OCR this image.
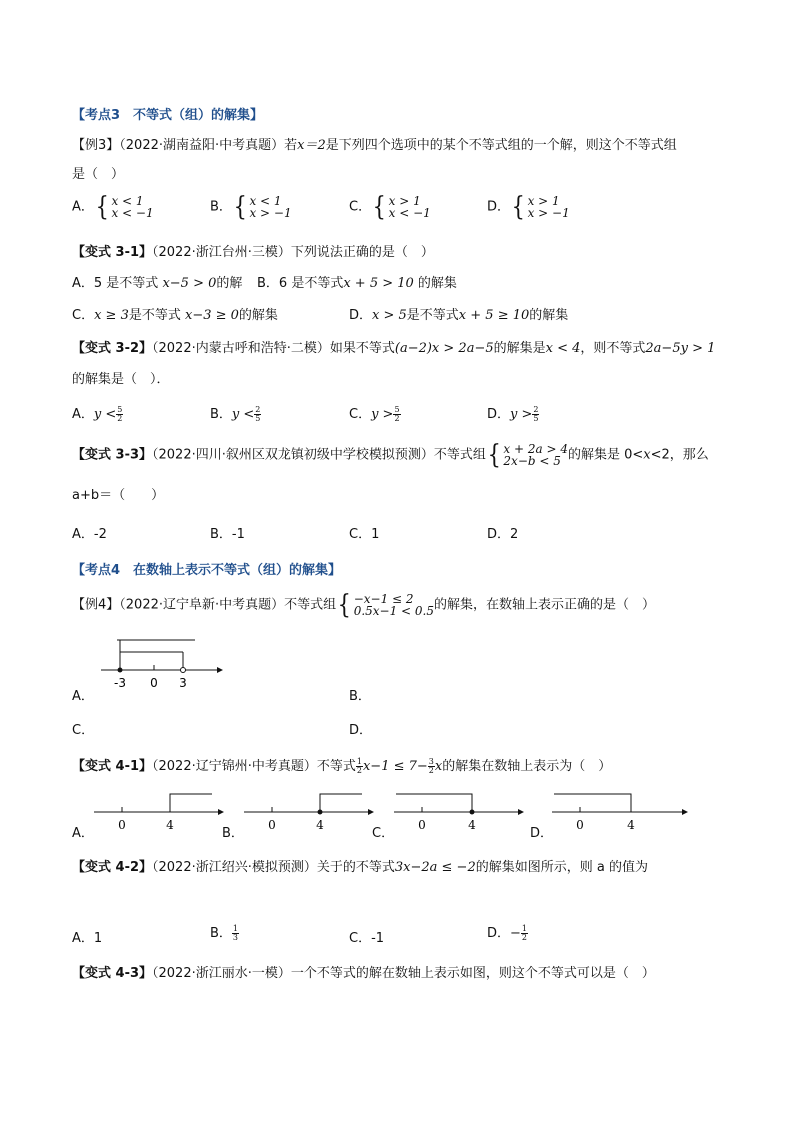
【考点3　不等式（组）的解集】
【例3】（2022·湖南益阳·中考真题）若x＝2是下列四个选项中的某个不等式组的一个解，则这个不等式组
是（　）
A． { x < 1
x < −1	B． { x < 1
x > −1	C． { x > 1
x < −1	D． { x > 1
x > −1
【变式 3-1】（2022·浙江台州·三模）下列说法正确的是（　）
A．5 是不等式 x−5 > 0的解 B．6 是不等式x + 5 > 10 的解集
C．x ≥ 3是不等式 x−3 ≥ 0的解集	D．x > 5是不等式x + 5 ≥ 10的解集
【变式 3-2】（2022·内蒙古呼和浩特·二模）如果不等式(a−2)x > 2a−5的解集是x < 4，则不等式2a−5y > 1
的解集是（　）．
A．$y < \frac{5}{2}$	B．$y < \frac{2}{5}$	C．$y > \frac{5}{2}$	D．$y > \frac{2}{5}$
【变式 3-3】（2022·四川·叙州区双龙镇初级中学校模拟预测）不等式组 { x + 2a > 4
2x−b < 5 的解集是 0<x<2，那么
a+b＝（　　）
A．-2	B．-1	C．1	D．2
【考点4　在数轴上表示不等式（组）的解集】
【例4】（2022·辽宁阜新·中考真题）不等式组 { −x−1 ≤ 2
0.5x−1 < 0.5 的解集，在数轴上表示正确的是（　）
-3 0 3
A．	B．
C．	D．
【变式 4-1】（2022·辽宁锦州·中考真题）不等式 $\frac{1}{2} x-1 \le 7- \frac{3}{2}$ x的解集在数轴上表示为（　）
0	4
A．
0	4
B．
0	4
C．
0	4
D．
【变式 4-2】（2022·浙江绍兴·模拟预测）关于的不等式3x−2a ≤ −2的解集如图所示，则 a 的值为
A．1	B． $\frac{1}{3}$	C．-1	D．− $\frac{1}{2}$
【变式 4-3】（2022·浙江丽水·一模）一个不等式的解在数轴上表示如图，则这个不等式可以是（　）
